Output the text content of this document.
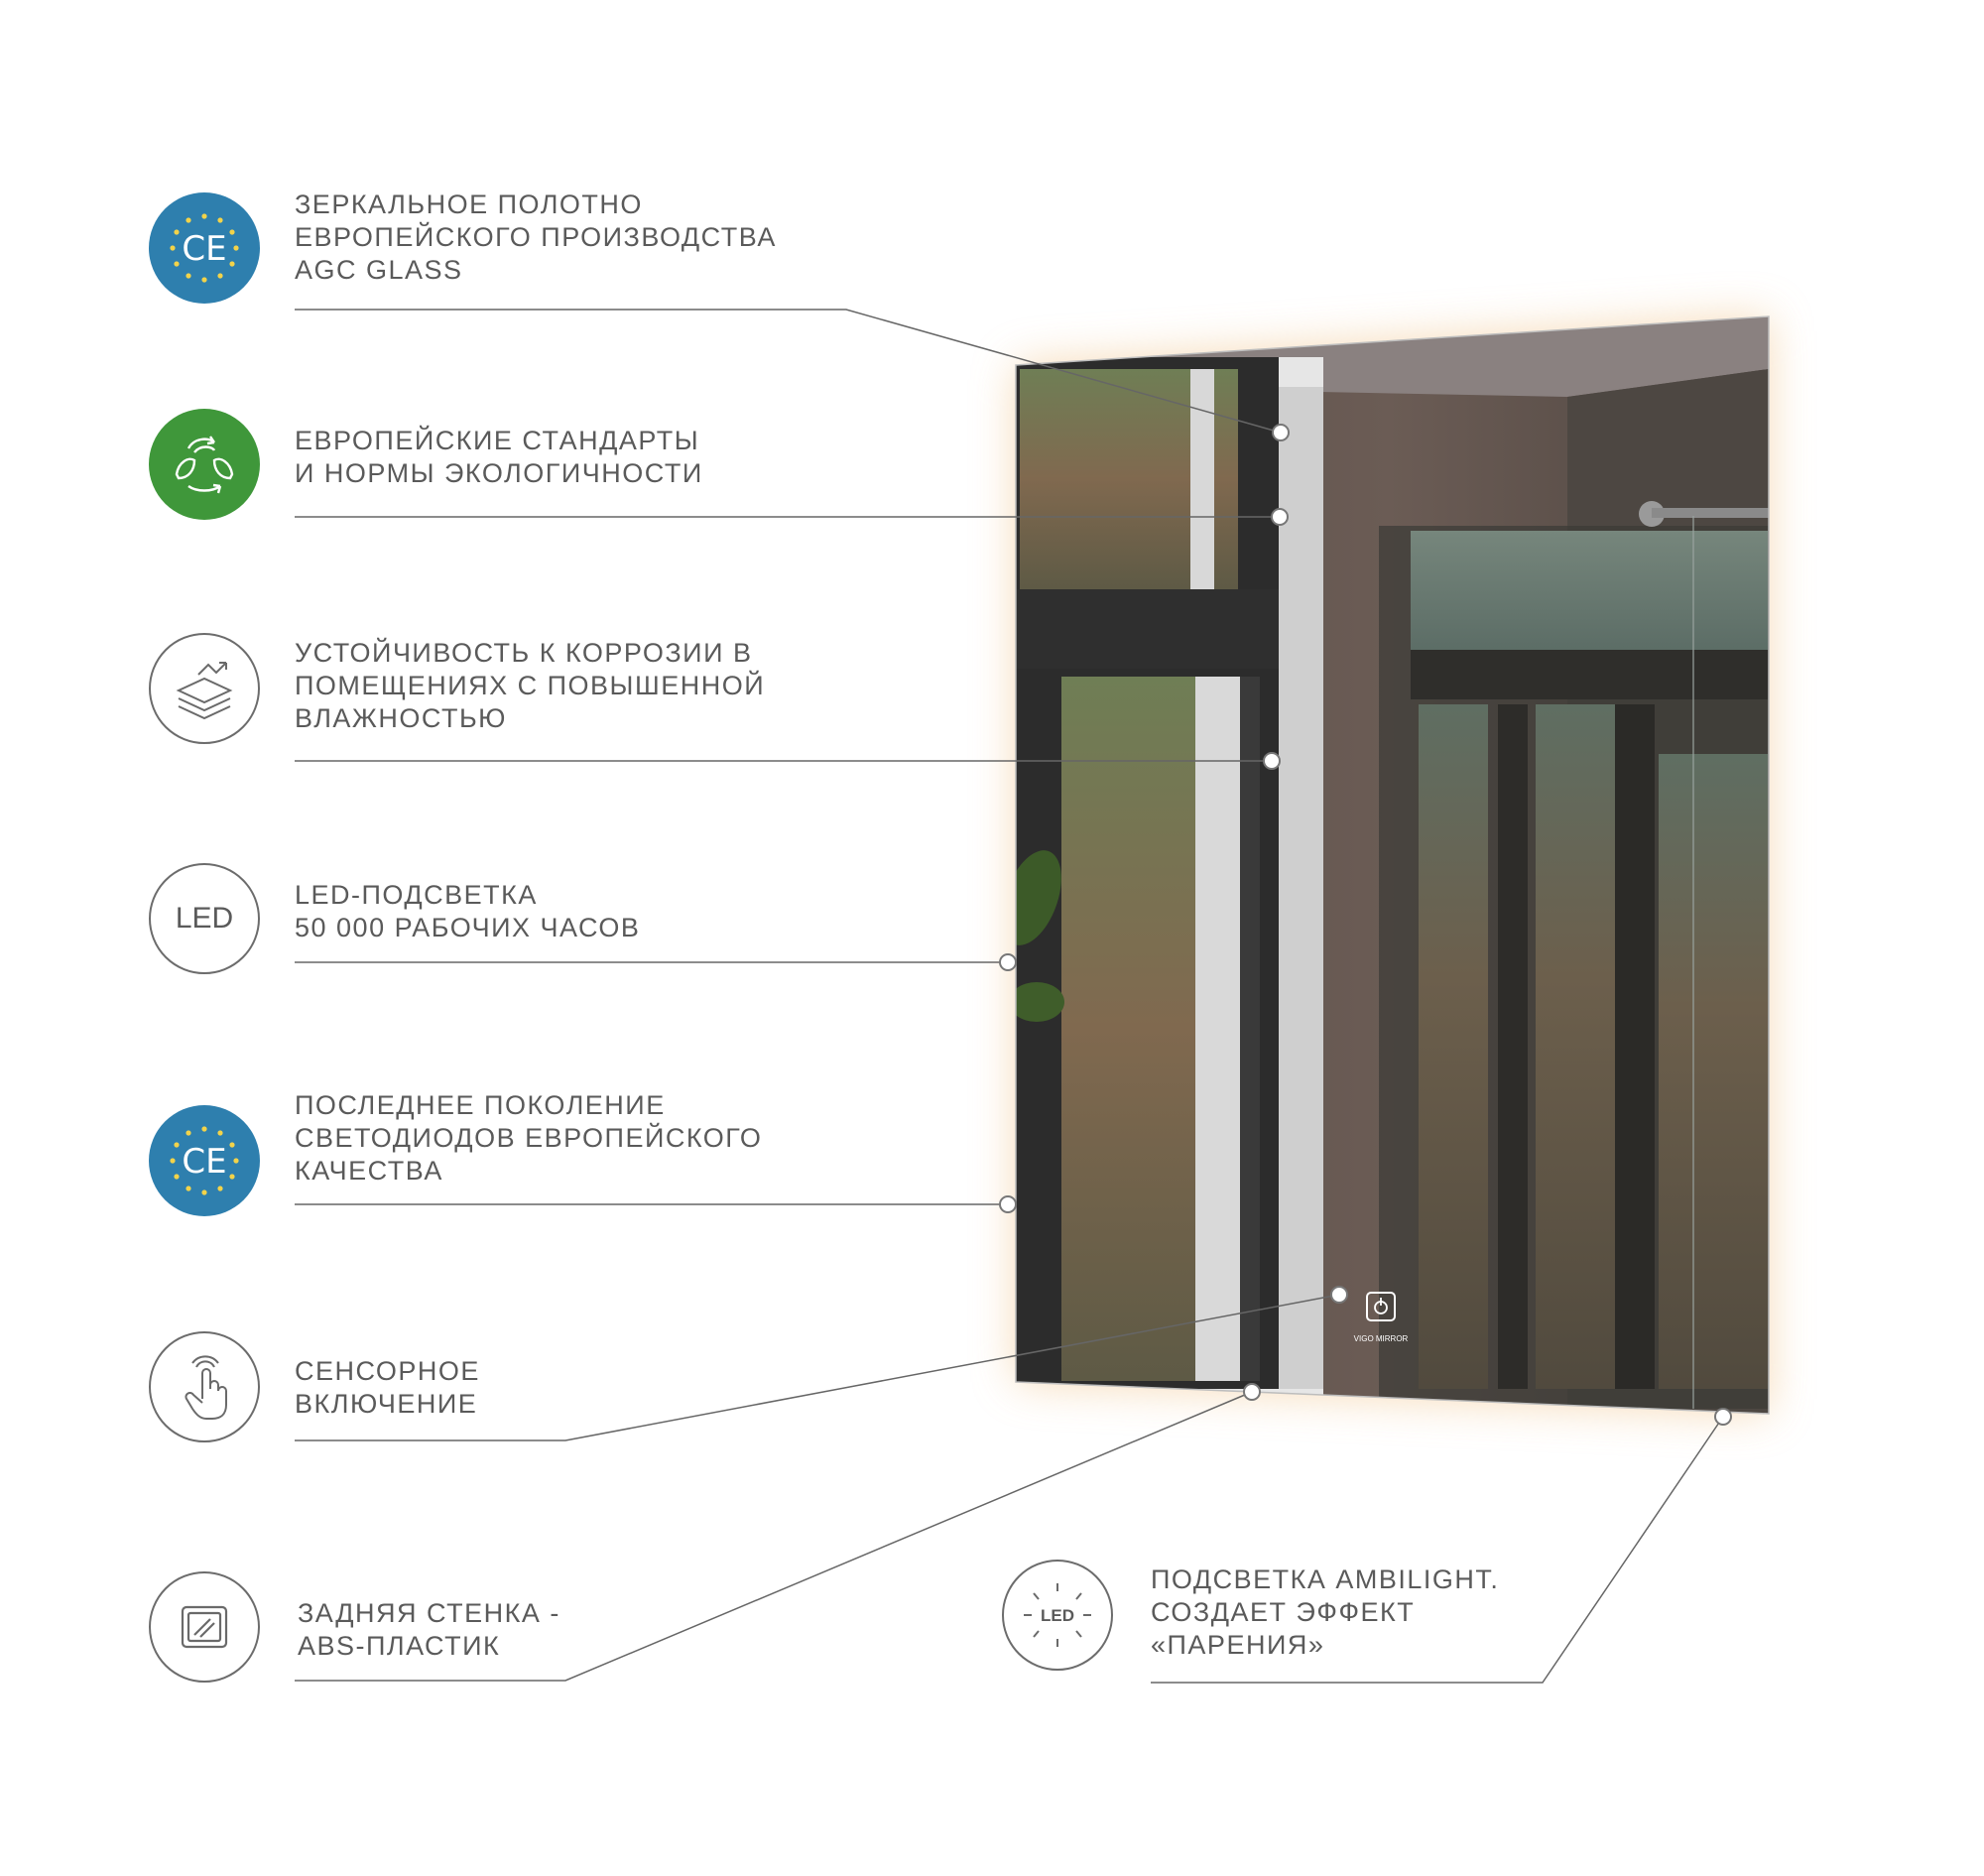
VIGO MIRROR
CE
ЗЕРКАЛЬНОЕ ПОЛОТНО
ЕВРОПЕЙСКОГО ПРОИЗВОДСТВА
AGC GLASS
ЕВРОПЕЙСКИЕ СТАНДАРТЫ
И НОРМЫ ЭКОЛОГИЧНОСТИ
УСТОЙЧИВОСТЬ К КОРРОЗИИ В
ПОМЕЩЕНИЯХ С ПОВЫШЕННОЙ
ВЛАЖНОСТЬЮ
LED
LED-ПОДСВЕТКА
50 000 РАБОЧИХ ЧАСОВ
CE
ПОСЛЕДНЕЕ ПОКОЛЕНИЕ
СВЕТОДИОДОВ ЕВРОПЕЙСКОГО
КАЧЕСТВА
СЕНСОРНОЕ
ВКЛЮЧЕНИЕ
ЗАДНЯЯ СТЕНКА -
ABS-ПЛАСТИК
LED
ПОДСВЕТКА AMBILIGHT.
СОЗДАЕТ ЭФФЕКТ
«ПАРЕНИЯ»
